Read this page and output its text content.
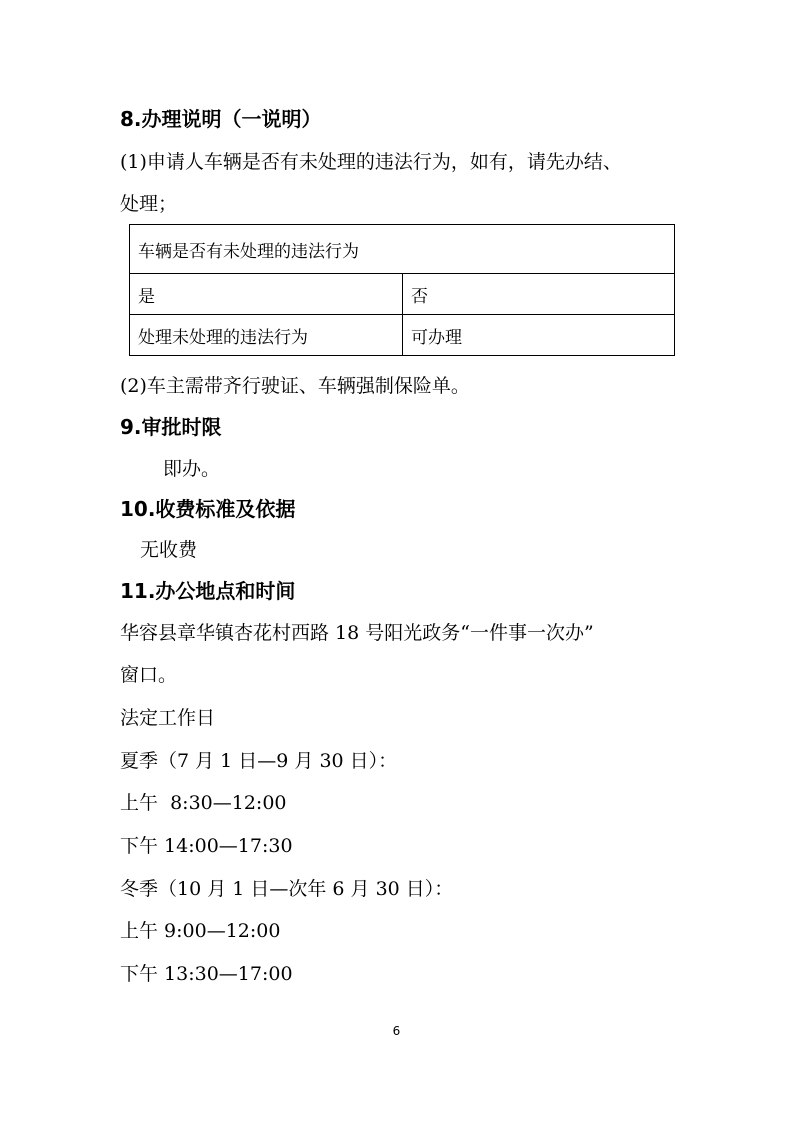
8.办理说明（一说明）
(1)申请人车辆是否有未处理的违法行为，如有，请先办结、
处理；
车辆是否有未处理的违法行为	
是	否
处理未处理的违法行为	可办理
(2)车主需带齐行驶证、车辆强制保险单。
9.审批时限
即办。
10.收费标准及依据
无收费
11.办公地点和时间
华容县章华镇杏花村西路 18 号阳光政务“一件事一次办”
窗口。
法定工作日
夏季（7 月 1 日—9 月 30 日）：
上午  8:30—12:00
下午 14:00—17:30
冬季（10 月 1 日—次年 6 月 30 日）：
上午 9:00—12:00
下午 13:30—17:00
6
